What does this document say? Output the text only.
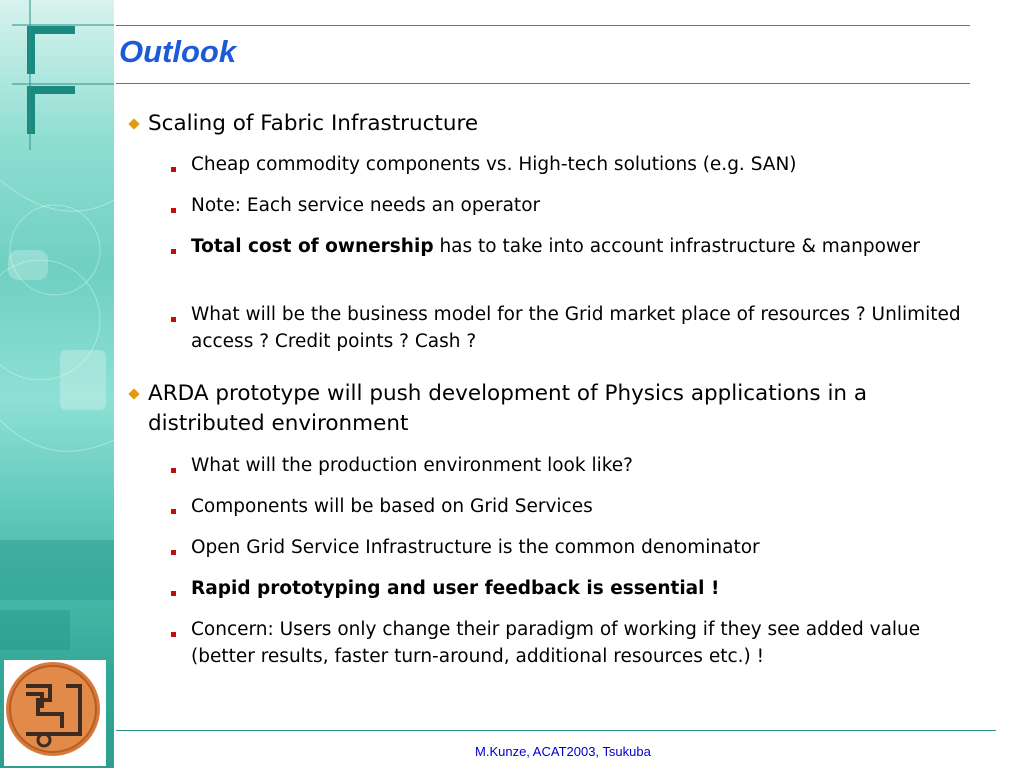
Outlook
Scaling of Fabric Infrastructure
Cheap commodity components vs. High-tech solutions (e.g. SAN)
Note: Each service needs an operator
Total cost of ownership has to take into account infrastructure & manpower
What will be the business model for the Grid market place of resources ? Unlimited access ? Credit points ? Cash ?
ARDA prototype will push development of Physics applications in a distributed environment
What will the production environment look like?
Components will be based on Grid Services
Open Grid Service Infrastructure is the common denominator
Rapid prototyping and user feedback is essential !
Concern: Users only change their paradigm of working if they see added value (better results, faster turn-around, additional resources etc.) !
M.Kunze, ACAT2003, Tsukuba
